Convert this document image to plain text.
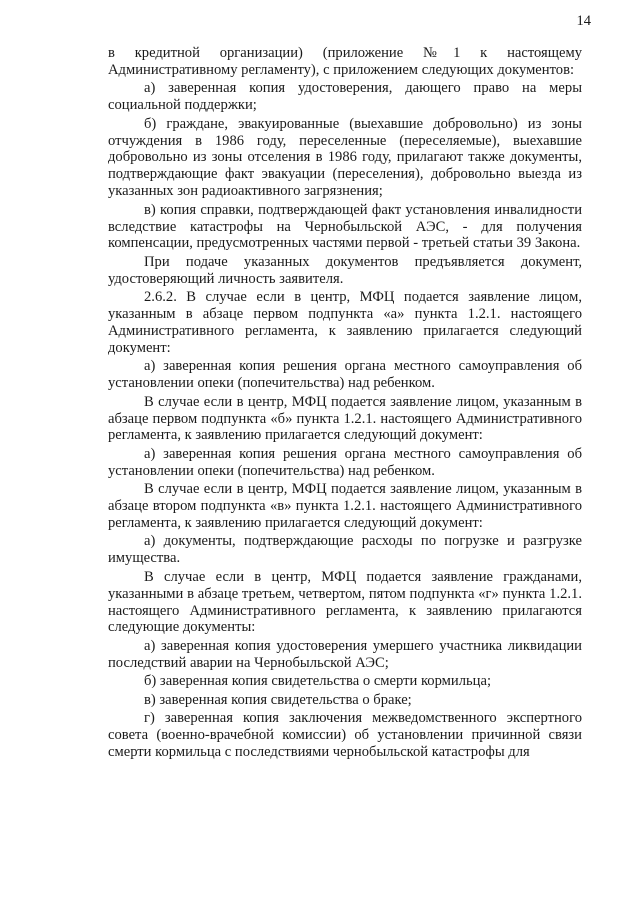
14

в кредитной организации) (приложение №1 к настоящему Административному регламенту), с приложением следующих документов:

а) заверенная копия удостоверения, дающего право на меры социальной поддержки;

б) граждане, эвакуированные (выехавшие добровольно) из зоны отчуждения в 1986 году, переселенные (переселяемые), выехавшие добровольно из зоны отселения в 1986 году, прилагают также документы, подтверждающие факт эвакуации (переселения), добровольно выезда из указанных зон радиоактивного загрязнения;

в) копия справки, подтверждающей факт установления инвалидности вследствие катастрофы на Чернобыльской АЭС, - для получения компенсации, предусмотренных частями первой - третьей статьи 39 Закона.

При подаче указанных документов предъявляется документ, удостоверяющий личность заявителя.

2.6.2. В случае если в центр, МФЦ подается заявление лицом, указанным в абзаце первом подпункта «а» пункта 1.2.1. настоящего Административного регламента, к заявлению прилагается следующий документ:

а) заверенная копия решения органа местного самоуправления об установлении опеки (попечительства) над ребенком.

В случае если в центр, МФЦ подается заявление лицом, указанным в абзаце первом подпункта «б» пункта 1.2.1. настоящего Административного регламента, к заявлению прилагается следующий документ:

а) заверенная копия решения органа местного самоуправления об установлении опеки (попечительства) над ребенком.

В случае если в центр, МФЦ подается заявление лицом, указанным в абзаце втором подпункта «в» пункта 1.2.1. настоящего Административного регламента, к заявлению прилагается следующий документ:

а) документы, подтверждающие расходы по погрузке и разгрузке имущества.

В случае если в центр, МФЦ подается заявление гражданами, указанными в абзаце третьем, четвертом, пятом подпункта «г» пункта 1.2.1. настоящего Административного регламента, к заявлению прилагаются следующие документы:

а) заверенная копия удостоверения умершего участника ликвидации последствий аварии на Чернобыльской АЭС;

б) заверенная копия свидетельства о смерти кормильца;

в) заверенная копия свидетельства о браке;

г) заверенная копия заключения межведомственного экспертного совета (военно-врачебной комиссии) об установлении причинной связи смерти кормильца с последствиями чернобыльской катастрофы для
